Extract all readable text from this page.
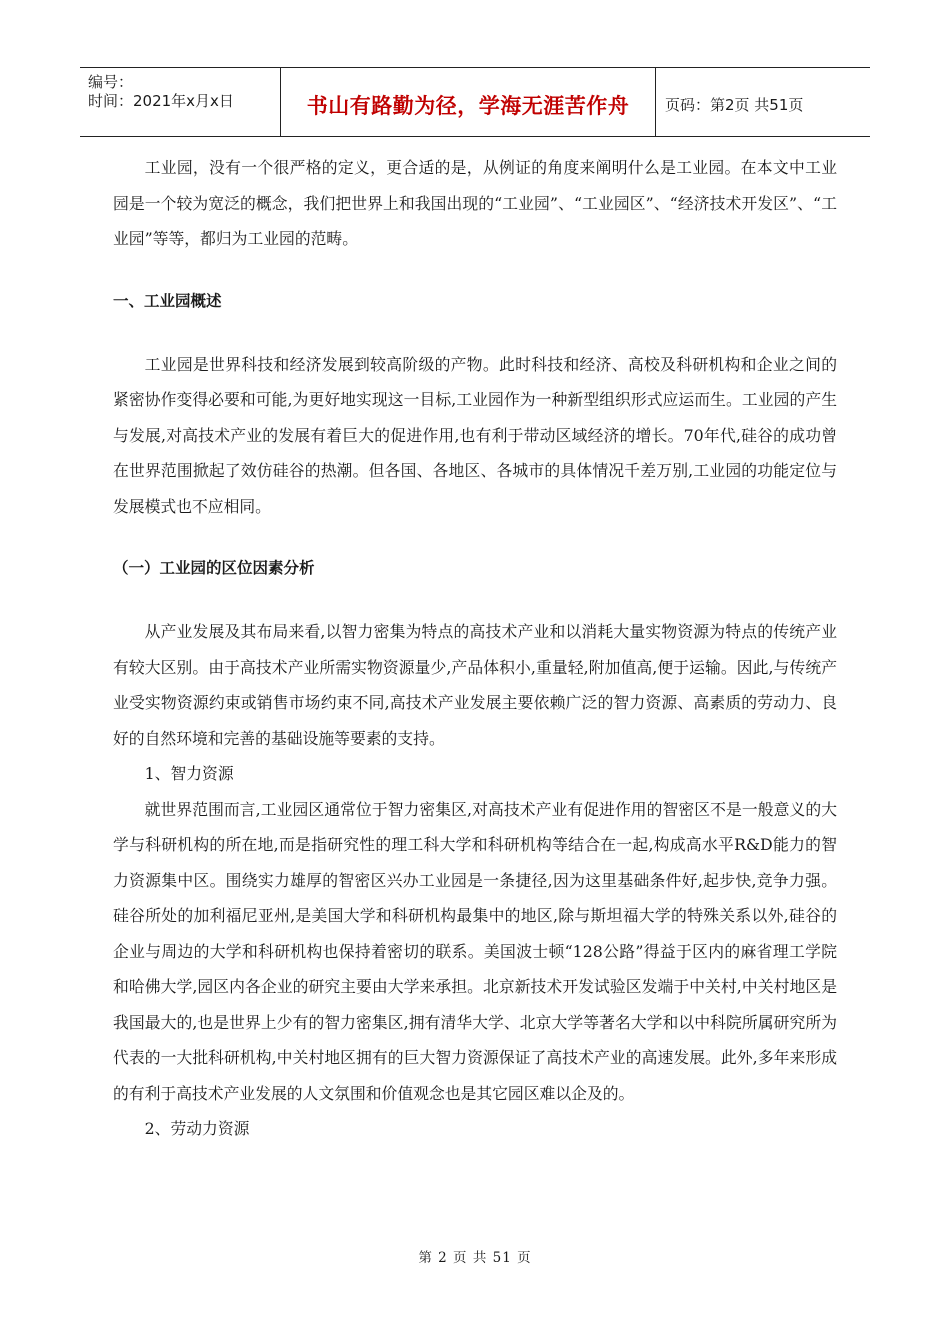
编号：
时间：2021年x月x日	书山有路勤为径，学海无涯苦作舟	页码：第2页 共51页

工业园，没有一个很严格的定义，更合适的是，从例证的角度来阐明什么是工业园。在本文中工业园是一个较为宽泛的概念，我们把世界上和我国出现的“工业园”、“工业园区”、“经济技术开发区”、“工业园”等等，都归为工业园的范畴。

一、工业园概述

工业园是世界科技和经济发展到较高阶级的产物。此时科技和经济、高校及科研机构和企业之间的紧密协作变得必要和可能,为更好地实现这一目标,工业园作为一种新型组织形式应运而生。工业园的产生与发展,对高技术产业的发展有着巨大的促进作用,也有利于带动区域经济的增长。70年代,硅谷的成功曾在世界范围掀起了效仿硅谷的热潮。但各国、各地区、各城市的具体情况千差万别,工业园的功能定位与发展模式也不应相同。

（一）工业园的区位因素分析

从产业发展及其布局来看,以智力密集为特点的高技术产业和以消耗大量实物资源为特点的传统产业有较大区别。由于高技术产业所需实物资源量少,产品体积小,重量轻,附加值高,便于运输。因此,与传统产业受实物资源约束或销售市场约束不同,高技术产业发展主要依赖广泛的智力资源、高素质的劳动力、良好的自然环境和完善的基础设施等要素的支持。

1、智力资源

就世界范围而言,工业园区通常位于智力密集区,对高技术产业有促进作用的智密区不是一般意义的大学与科研机构的所在地,而是指研究性的理工科大学和科研机构等结合在一起,构成高水平R&D能力的智力资源集中区。围绕实力雄厚的智密区兴办工业园是一条捷径,因为这里基础条件好,起步快,竞争力强。硅谷所处的加利福尼亚州,是美国大学和科研机构最集中的地区,除与斯坦福大学的特殊关系以外,硅谷的企业与周边的大学和科研机构也保持着密切的联系。美国波士顿“128公路”得益于区内的麻省理工学院和哈佛大学,园区内各企业的研究主要由大学来承担。北京新技术开发试验区发端于中关村,中关村地区是我国最大的,也是世界上少有的智力密集区,拥有清华大学、北京大学等著名大学和以中科院所属研究所为代表的一大批科研机构,中关村地区拥有的巨大智力资源保证了高技术产业的高速发展。此外,多年来形成的有利于高技术产业发展的人文氛围和价值观念也是其它园区难以企及的。

2、劳动力资源

第 2 页 共 51 页
